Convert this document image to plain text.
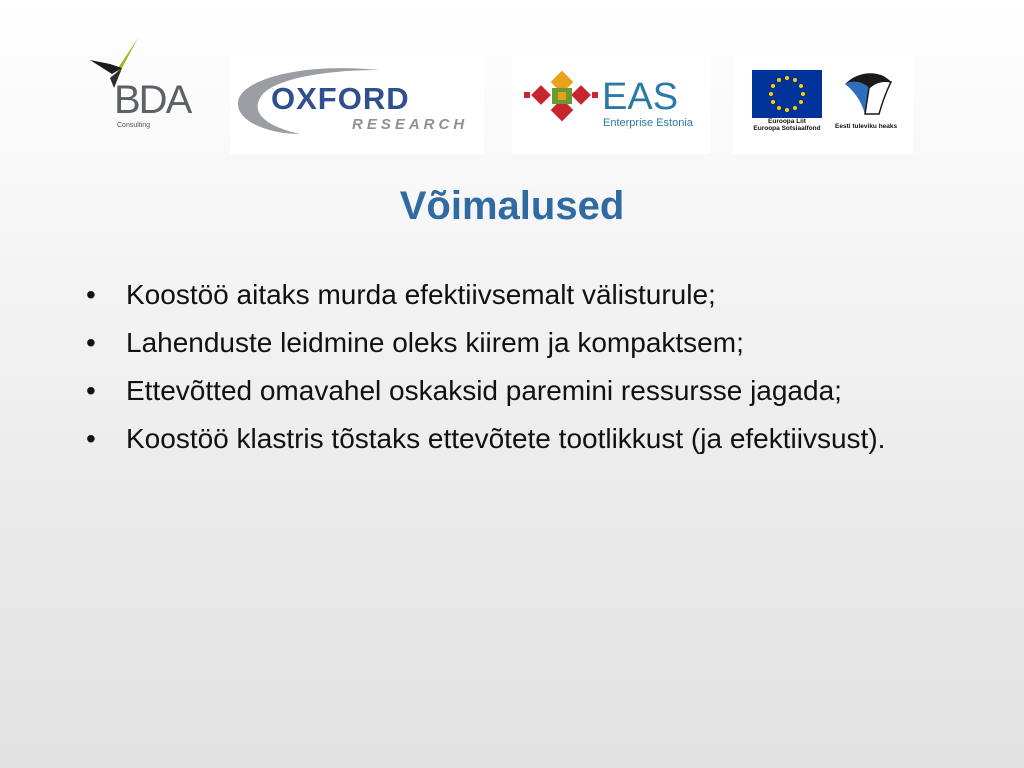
BDA
Consulting
OXFORD
RESEARCH
EAS
Enterprise Estonia	Euroopa Liit
Euroopa Sotsiaalfond	Eesti tuleviku heaks
Võimalused
• Koostöö aitaks murda efektiivsemalt välisturule;
• Lahenduste leidmine oleks kiirem ja kompaktsem;
• Ettevõtted omavahel oskaksid paremini ressursse jagada;
• Koostöö klastris tõstaks ettevõtete tootlikkust (ja efektiivsust).
